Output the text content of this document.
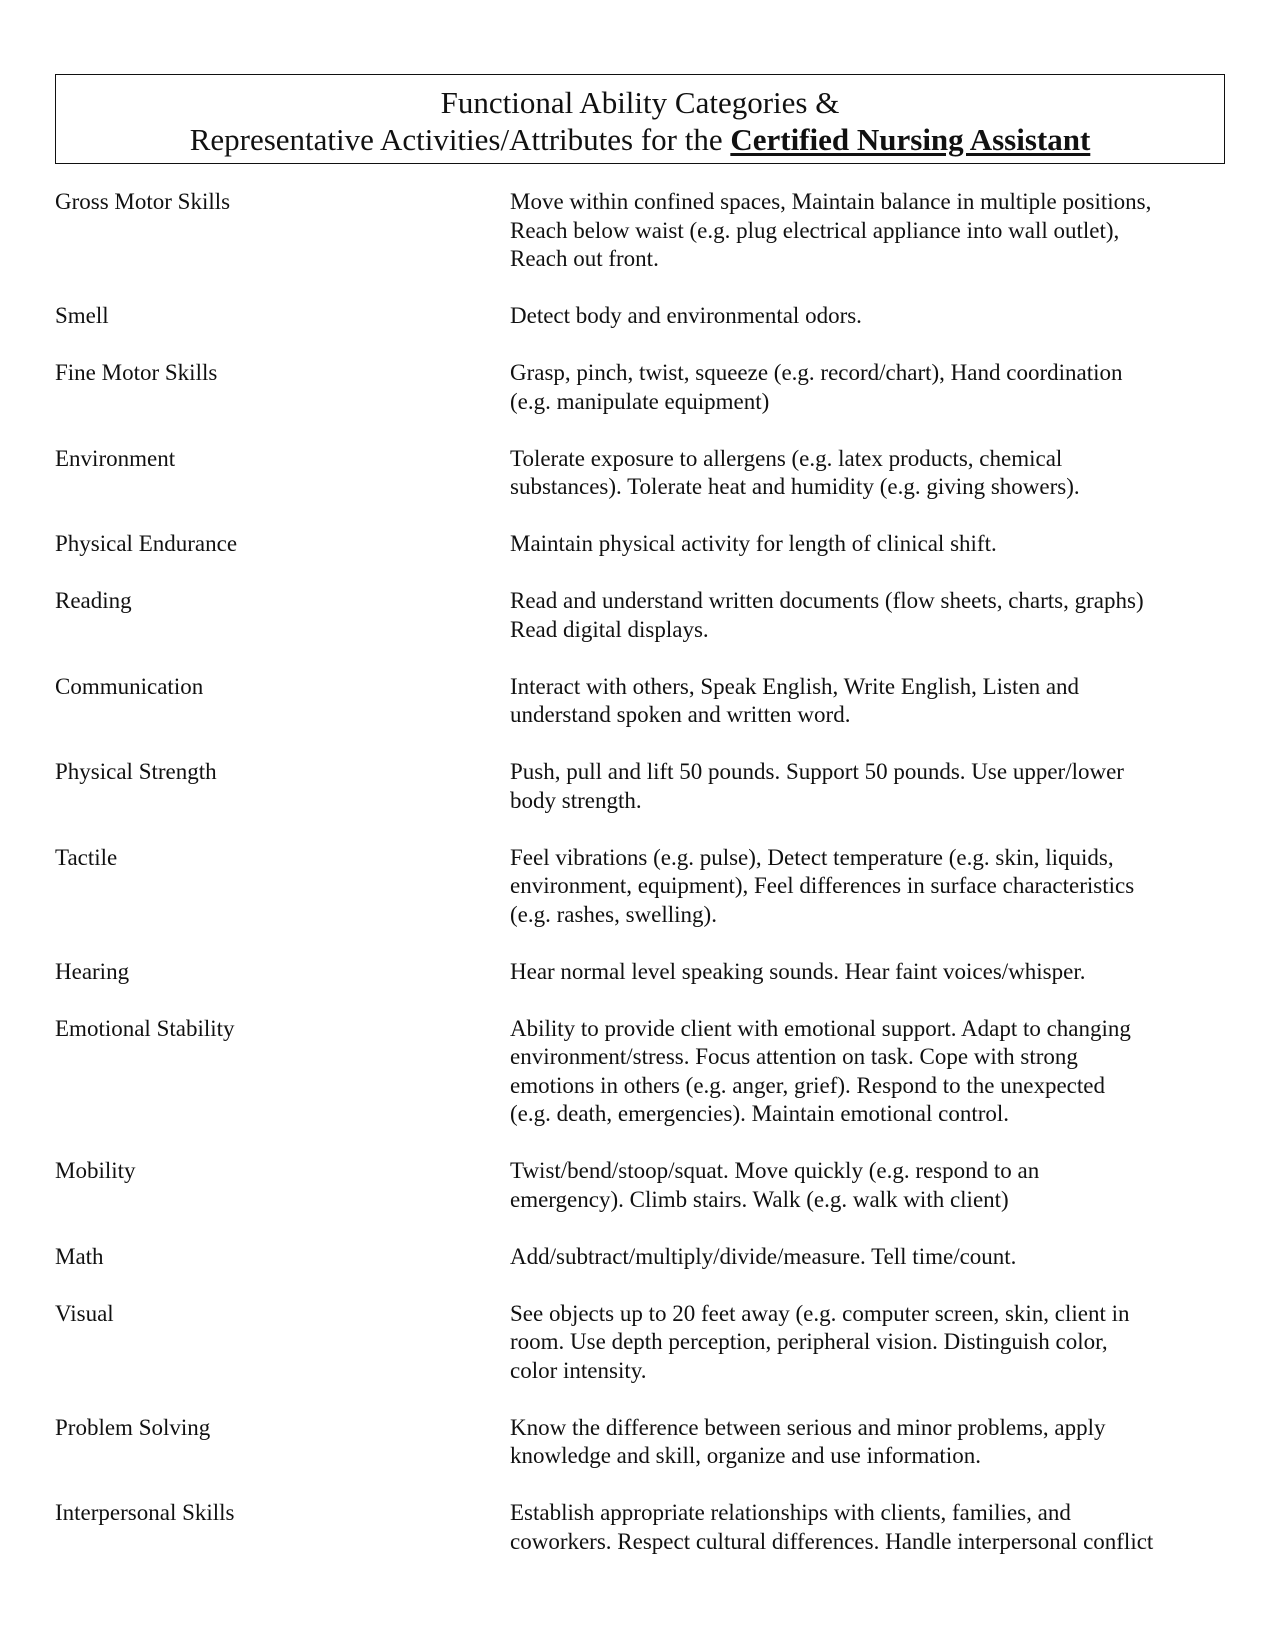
Functional Ability Categories &
Representative Activities/Attributes for the Certified Nursing Assistant
Gross Motor Skills	Move within confined spaces, Maintain balance in multiple positions,
Reach below waist (e.g. plug electrical appliance into wall outlet),
Reach out front.
Smell	Detect body and environmental odors.
Fine Motor Skills	Grasp, pinch, twist, squeeze (e.g. record/chart), Hand coordination
(e.g. manipulate equipment)
Environment	Tolerate exposure to allergens (e.g. latex products, chemical
substances). Tolerate heat and humidity (e.g. giving showers).
Physical Endurance	Maintain physical activity for length of clinical shift.
Reading	Read and understand written documents (flow sheets, charts, graphs)
Read digital displays.
Communication	Interact with others, Speak English, Write English, Listen and
understand spoken and written word.
Physical Strength	Push, pull and lift 50 pounds. Support 50 pounds. Use upper/lower
body strength.
Tactile	Feel vibrations (e.g. pulse), Detect temperature (e.g. skin, liquids,
environment, equipment), Feel differences in surface characteristics
(e.g. rashes, swelling).
Hearing	Hear normal level speaking sounds. Hear faint voices/whisper.
Emotional Stability	Ability to provide client with emotional support. Adapt to changing
environment/stress. Focus attention on task. Cope with strong
emotions in others (e.g. anger, grief). Respond to the unexpected
(e.g. death, emergencies). Maintain emotional control.
Mobility	Twist/bend/stoop/squat. Move quickly (e.g. respond to an
emergency). Climb stairs. Walk (e.g. walk with client)
Math	Add/subtract/multiply/divide/measure. Tell time/count.
Visual	See objects up to 20 feet away (e.g. computer screen, skin, client in
room. Use depth perception, peripheral vision. Distinguish color,
color intensity.
Problem Solving	Know the difference between serious and minor problems, apply
knowledge and skill, organize and use information.
Interpersonal Skills	Establish appropriate relationships with clients, families, and
coworkers. Respect cultural differences. Handle interpersonal conflict
